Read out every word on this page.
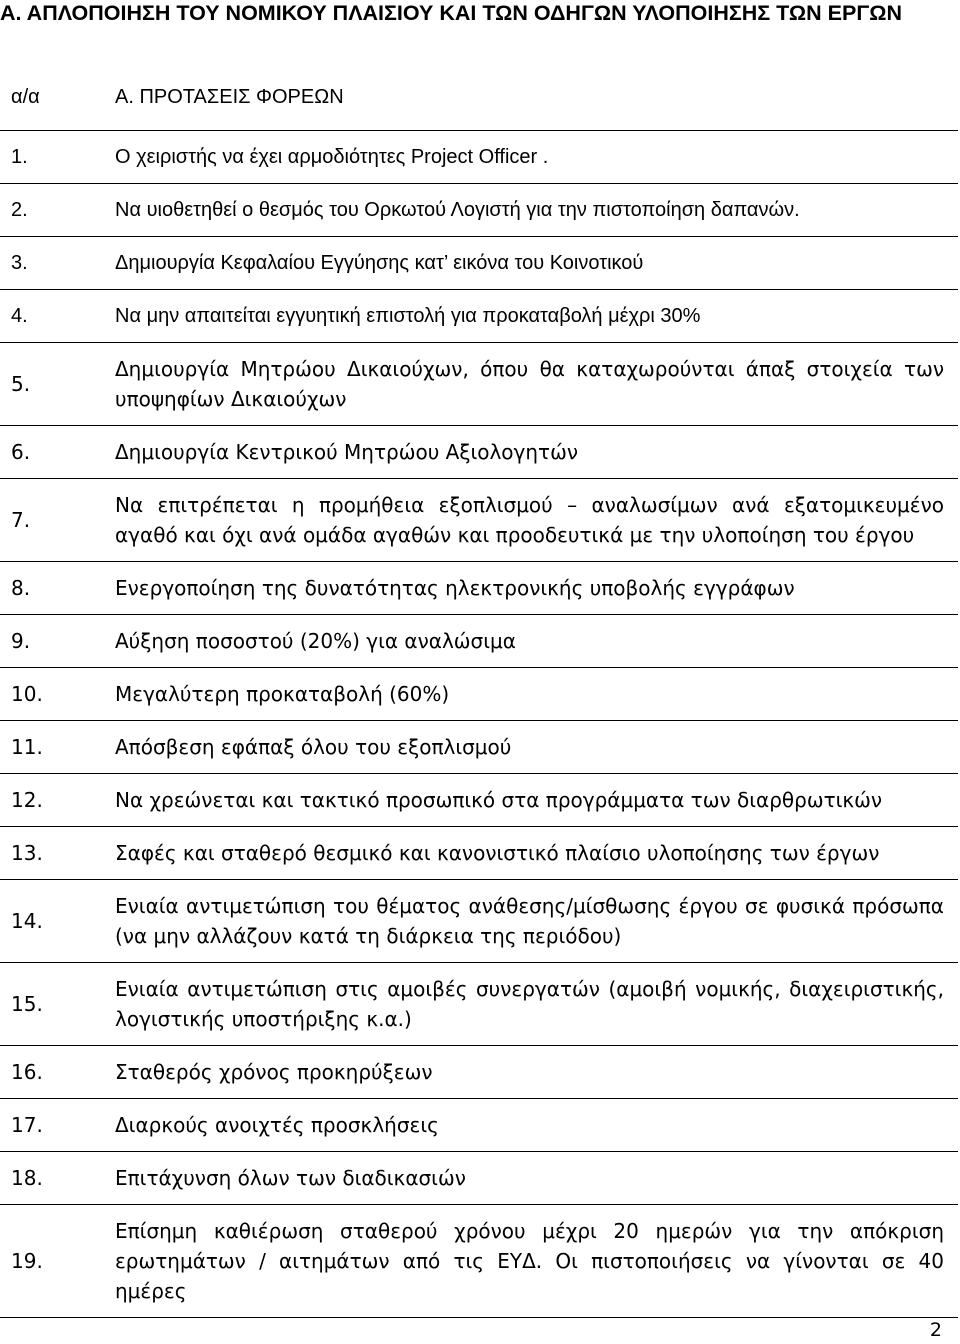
Α. ΑΠΛΟΠΟΙΗΣΗ ΤΟΥ ΝΟΜΙΚΟΥ ΠΛΑΙΣΙΟΥ ΚΑΙ ΤΩΝ ΟΔΗΓΩΝ ΥΛΟΠΟΙΗΣΗΣ ΤΩΝ ΕΡΓΩΝ
α/α	Α. ΠΡΟΤΑΣΕΙΣ ΦΟΡΕΩΝ
1.	Ο χειριστής να έχει αρμοδιότητες Project Officer .
2.	Να υιοθετηθεί ο θεσμός του Ορκωτού Λογιστή για την πιστοποίηση δαπανών.
3.	Δημιουργία Κεφαλαίου Εγγύησης κατ’ εικόνα του Κοινοτικού
4.	Να μην απαιτείται εγγυητική επιστολή για προκαταβολή μέχρι 30%
5.	Δημιουργία Μητρώου Δικαιούχων, όπου θα καταχωρούνται άπαξ στοιχεία των υποψηφίων Δικαιούχων
6.	Δημιουργία Κεντρικού Μητρώου Αξιολογητών
7.	Να επιτρέπεται η προμήθεια εξοπλισμού – αναλωσίμων ανά εξατομικευμένο αγαθό και όχι ανά ομάδα αγαθών και προοδευτικά με την υλοποίηση του έργου
8.	Ενεργοποίηση της δυνατότητας ηλεκτρονικής υποβολής εγγράφων
9.	Αύξηση ποσοστού (20%) για αναλώσιμα
10.	Μεγαλύτερη προκαταβολή (60%)
11.	Απόσβεση εφάπαξ όλου του εξοπλισμού
12.	Να χρεώνεται και τακτικό προσωπικό στα προγράμματα των διαρθρωτικών
13.	Σαφές και σταθερό θεσμικό και κανονιστικό πλαίσιο υλοποίησης των έργων
14.	Ενιαία αντιμετώπιση του θέματος ανάθεσης/μίσθωσης έργου σε φυσικά πρόσωπα (να μην αλλάζουν κατά τη διάρκεια της περιόδου)
15.	Ενιαία αντιμετώπιση στις αμοιβές συνεργατών (αμοιβή νομικής, διαχειριστικής, λογιστικής υποστήριξης κ.α.)
16.	Σταθερός χρόνος προκηρύξεων
17.	Διαρκούς ανοιχτές προσκλήσεις
18.	Επιτάχυνση όλων των διαδικασιών
19.	Επίσημη καθιέρωση σταθερού χρόνου μέχρι 20 ημερών για την απόκριση ερωτημάτων / αιτημάτων από τις ΕΥΔ. Οι πιστοποιήσεις να γίνονται σε 40 ημέρες
2
